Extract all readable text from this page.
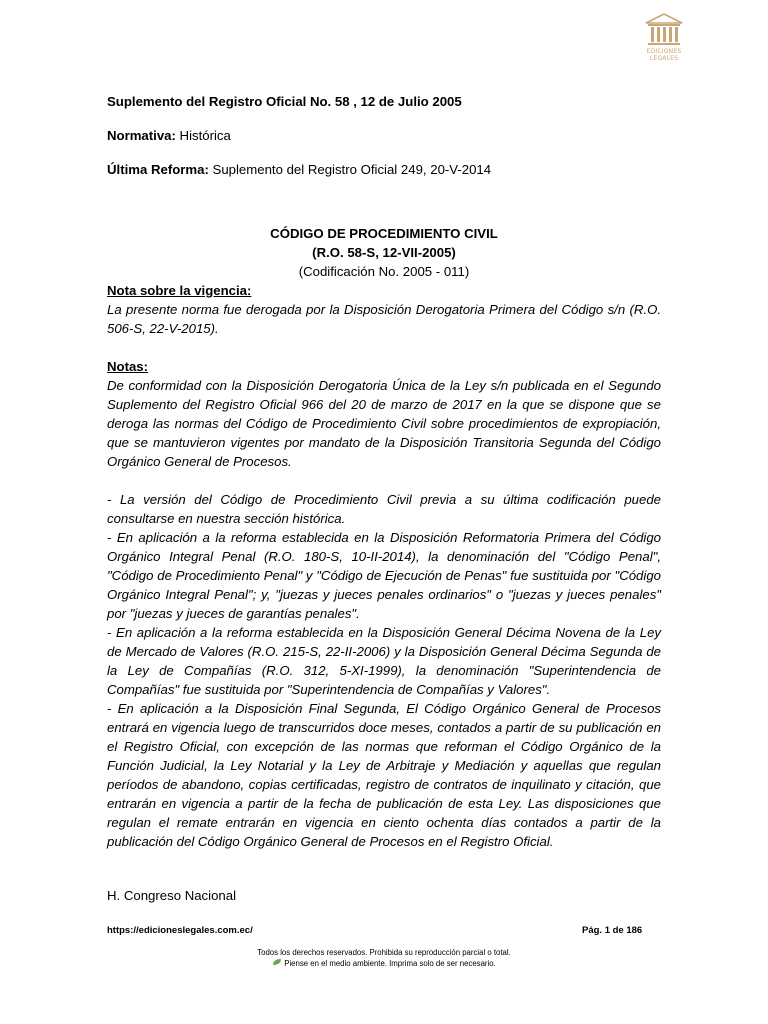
EDICIONES
LEGALES
Suplemento del Registro Oficial No. 58 , 12 de Julio 2005
Normativa: Histórica
Última Reforma: Suplemento del Registro Oficial 249, 20-V-2014
CÓDIGO DE PROCEDIMIENTO CIVIL
(R.O. 58-S, 12-VII-2005)
(Codificación No. 2005 - 011)
Nota sobre la vigencia:

La presente norma fue derogada por la Disposición Derogatoria Primera del Código s/n (R.O. 506-S, 22-V-2015).

Notas:

De conformidad con la Disposición Derogatoria Única de la Ley s/n publicada en el Segundo Suplemento del Registro Oficial 966 del 20 de marzo de 2017 en la que se dispone que se deroga las normas del Código de Procedimiento Civil sobre procedimientos de expropiación, que se mantuvieron vigentes por mandato de la Disposición Transitoria Segunda del Código Orgánico General de Procesos.

- La versión del Código de Procedimiento Civil previa a su última codificación puede consultarse en nuestra sección histórica.

- En aplicación a la reforma establecida en la Disposición Reformatoria Primera del Código Orgánico Integral Penal (R.O. 180-S, 10-II-2014), la denominación del "Código Penal", "Código de Procedimiento Penal" y "Código de Ejecución de Penas" fue sustituida por "Código Orgánico Integral Penal"; y, "juezas y jueces penales ordinarios" o "juezas y jueces penales" por "juezas y jueces de garantías penales".

- En aplicación a la reforma establecida en la Disposición General Décima Novena de la Ley de Mercado de Valores (R.O. 215-S, 22-II-2006) y la Disposición General Décima Segunda de la Ley de Compañías (R.O. 312, 5-XI-1999), la denominación "Superintendencia de Compañías" fue sustituida por "Superintendencia de Compañías y Valores".

- En aplicación a la Disposición Final Segunda, El Código Orgánico General de Procesos entrará en vigencia luego de transcurridos doce meses, contados a partir de su publicación en el Registro Oficial, con excepción de las normas que reforman el Código Orgánico de la Función Judicial, la Ley Notarial y la Ley de Arbitraje y Mediación y aquellas que regulan períodos de abandono, copias certificadas, registro de contratos de inquilinato y citación, que entrarán en vigencia a partir de la fecha de publicación de esta Ley. Las disposiciones que regulan el remate entrarán en vigencia en ciento ochenta días contados a partir de la publicación del Código Orgánico General de Procesos en el Registro Oficial.

H. Congreso Nacional
https://edicioneslegales.com.ec/	Pág. 1 de 186
Todos los derechos reservados. Prohibida su reproducción parcial o total.
Piense en el medio ambiente. Imprima solo de ser necesario.
